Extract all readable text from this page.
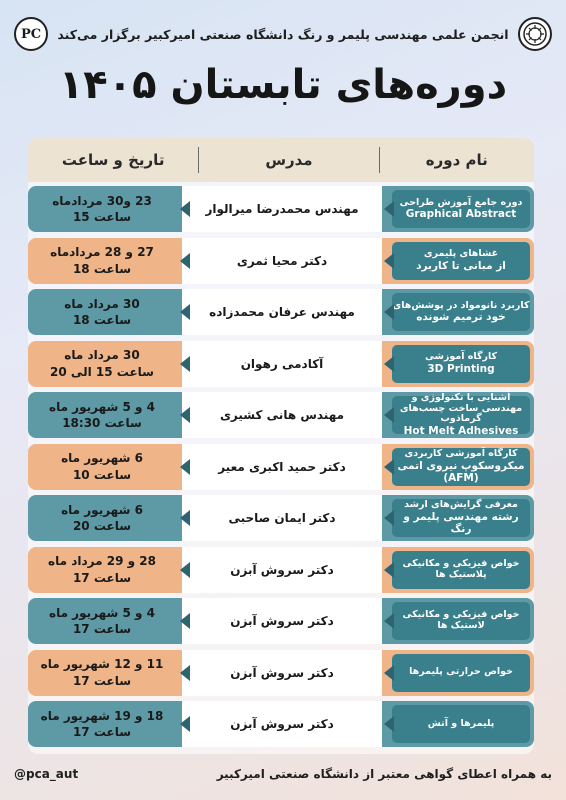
PC	انجمن علمی مهندسی پلیمر و رنگ دانشگاه صنعتی امیرکبیر برگزار می‌کند
دوره‌های تابستان ۱۴۰۵
نام دوره
مدرس
تاریخ و ساعت
دوره جامع آموزش طراحی
Graphical Abstract
مهندس محمدرضا میرالوار
23 و30 مردادماه
ساعت 15
غشاهای پلیمری
از مبانی تا کاربرد
دکتر محیا ثمری
27 و 28 مردادماه
ساعت 18
کاربرد نانومواد در پوشش‌های
خود ترمیم شونده
مهندس عرفان محمدزاده
30 مرداد ماه
ساعت 18
کارگاه آموزشی
3D Printing
آکادمی رهوان
30 مرداد ماه
ساعت 15 الی 20
آشنایی با تکنولوژی و مهندسی ساخت چسب‌های گرماذوب
Hot Melt Adhesives
مهندس هانی کشیری
4 و 5 شهریور ماه
ساعت 18:30
کارگاه آموزشی کاربردی
میکروسکوپ نیروی اتمی (AFM)
دکتر حمید اکبری معیر
6 شهریور ماه
ساعت 10
معرفی گرایش‌های ارشد
رشته مهندسی پلیمر و رنگ
دکتر ایمان صاحبی
6 شهریور ماه
ساعت 20
خواص فیزیکی و مکانیکی پلاستیک ها
دکتر سروش آبزن
28 و 29 مرداد ماه
ساعت 17
خواص فیزیکی و مکانیکی لاستیک ها
دکتر سروش آبزن
4 و 5 شهریور ماه
ساعت 17
خواص حرارتی پلیمرها
دکتر سروش آبزن
11 و 12 شهریور ماه
ساعت 17
پلیمرها و آتش
دکتر سروش آبزن
18 و 19 شهریور ماه
ساعت 17
@pca_aut	به همراه اعطای گواهی معتبر از دانشگاه صنعتی امیرکبیر
